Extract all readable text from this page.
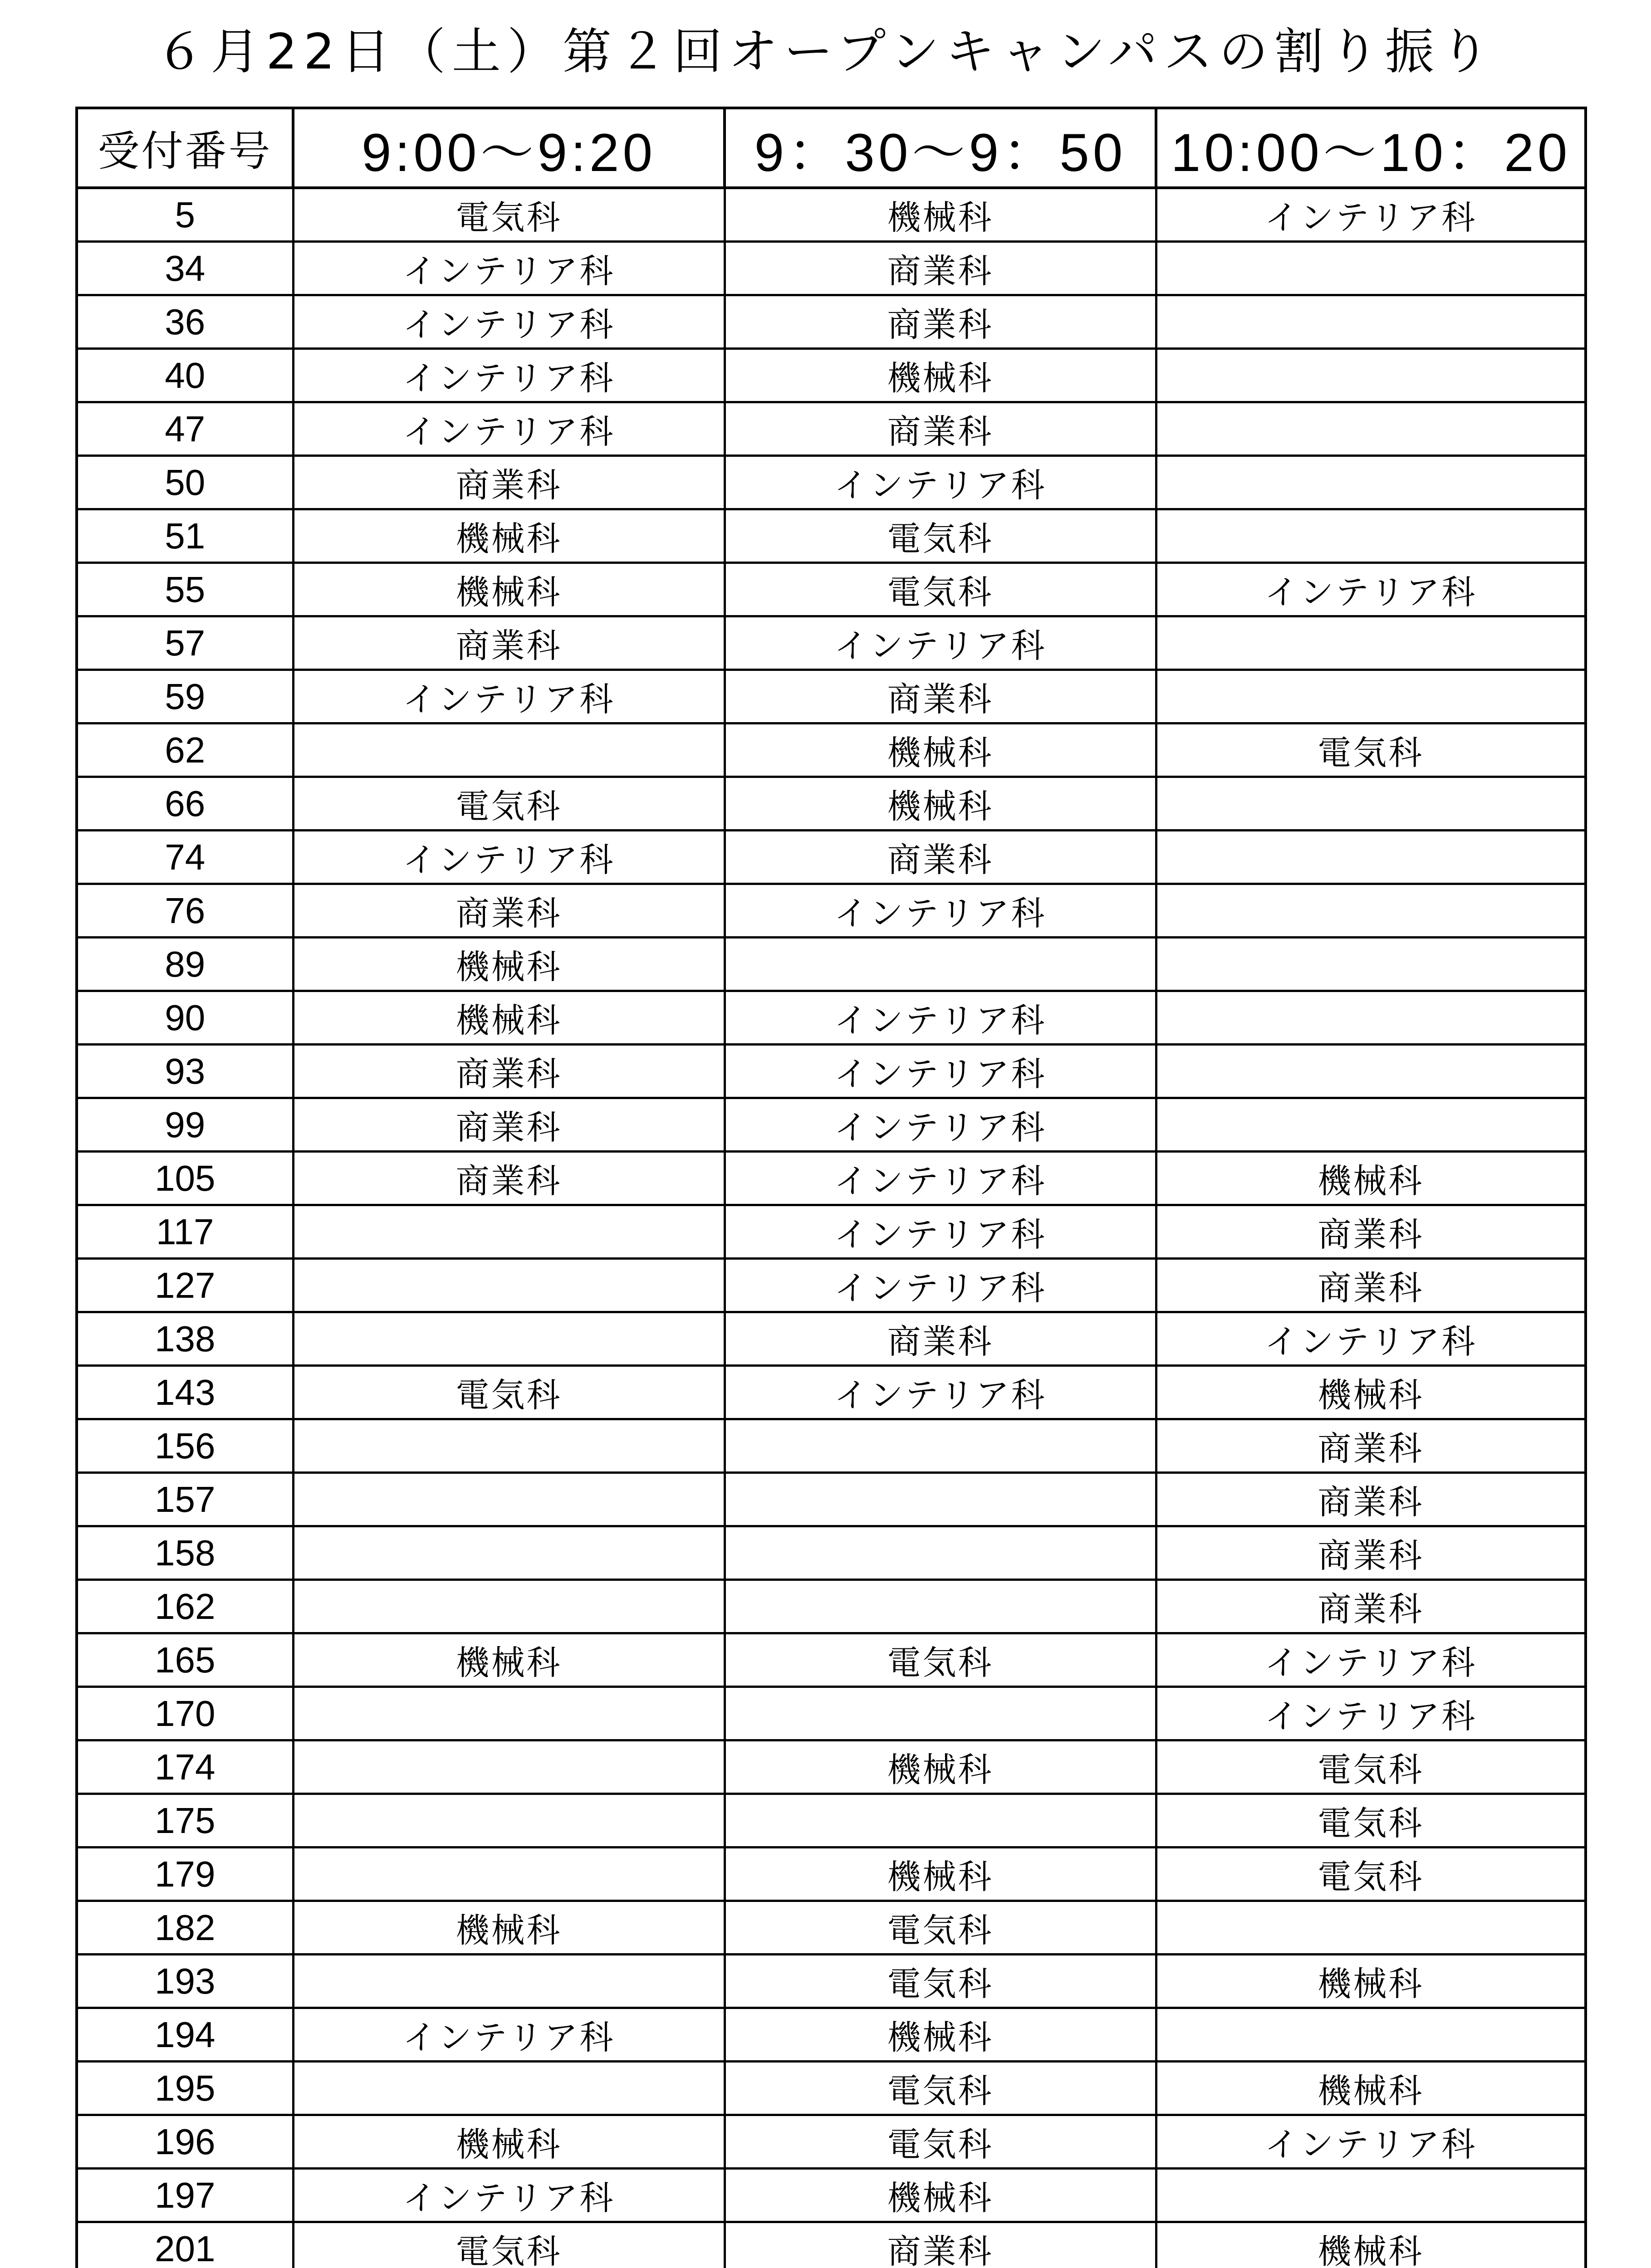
６月22日（土）第２回オープンキャンパスの割り振り
受付番号	9:00〜9:20	9：30〜9：50	10:00〜10：20
5	電気科	機械科	インテリア科
34	インテリア科	商業科	
36	インテリア科	商業科	
40	インテリア科	機械科	
47	インテリア科	商業科	
50	商業科	インテリア科	
51	機械科	電気科	
55	機械科	電気科	インテリア科
57	商業科	インテリア科	
59	インテリア科	商業科	
62		機械科	電気科
66	電気科	機械科	
74	インテリア科	商業科	
76	商業科	インテリア科	
89	機械科		
90	機械科	インテリア科	
93	商業科	インテリア科	
99	商業科	インテリア科	
105	商業科	インテリア科	機械科
117		インテリア科	商業科
127		インテリア科	商業科
138		商業科	インテリア科
143	電気科	インテリア科	機械科
156			商業科
157			商業科
158			商業科
162			商業科
165	機械科	電気科	インテリア科
170			インテリア科
174		機械科	電気科
175			電気科
179		機械科	電気科
182	機械科	電気科	
193		電気科	機械科
194	インテリア科	機械科	
195		電気科	機械科
196	機械科	電気科	インテリア科
197	インテリア科	機械科	
201	電気科	商業科	機械科
